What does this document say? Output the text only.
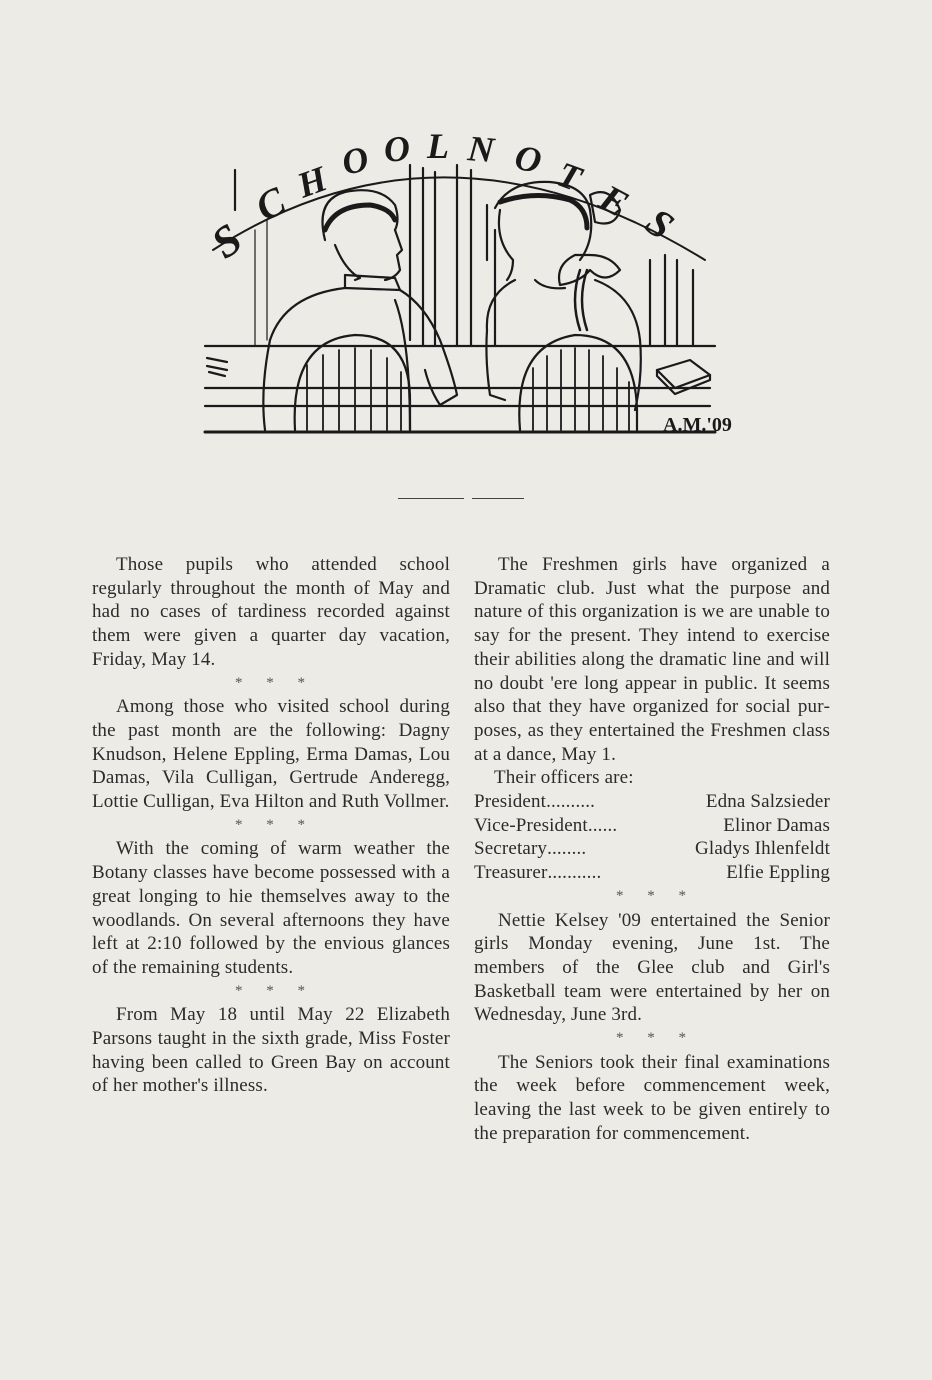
S
C H O O L N O T
E S
A.M.'09

Those pupils who attended school regularly throughout the month of May and had no cases of tardiness recorded against them were given a quarter day vacation, Friday, May 14.

* * *

Among those who visited school during the past month are the following: Dagny Knudson, Helene Eppling, Erma Damas, Lou Damas, Vila Culligan, Gertrude Anderegg, Lottie Culligan, Eva Hilton and Ruth Vollmer.

* * *

With the coming of warm weather the Botany classes have become possessed with a great longing to hie themselves away to the woodlands. On several afternoons they have left at 2:10 followed by the envious glances of the remaining students.

* * *

From May 18 until May 22 Elizabeth Parsons taught in the sixth grade, Miss Foster having been called to Green Bay on account of her mother's illness.

The Freshmen girls have organized a Dramatic club. Just what the purpose and nature of this organization is we are unable to say for the present. They intend to exercise their abilities along the dramatic line and will no doubt 'ere long appear in public. It seems also that they have organized for social purposes, as they entertained the Freshmen class at a dance, May 1.

Their officers are:

President ..........	Edna Salzsieder

Vice-President ......	Elinor Damas

Secretary ........	Gladys Ihlenfeldt

Treasurer ...........	Elfie Eppling

* * *

Nettie Kelsey '09 entertained the Senior girls Monday evening, June 1st. The members of the Glee club and Girl's Basketball team were entertained by her on Wednesday, June 3rd.

* * *

The Seniors took their final examinations the week before commencement week, leaving the last week to be given entirely to the preparation for commencement.
